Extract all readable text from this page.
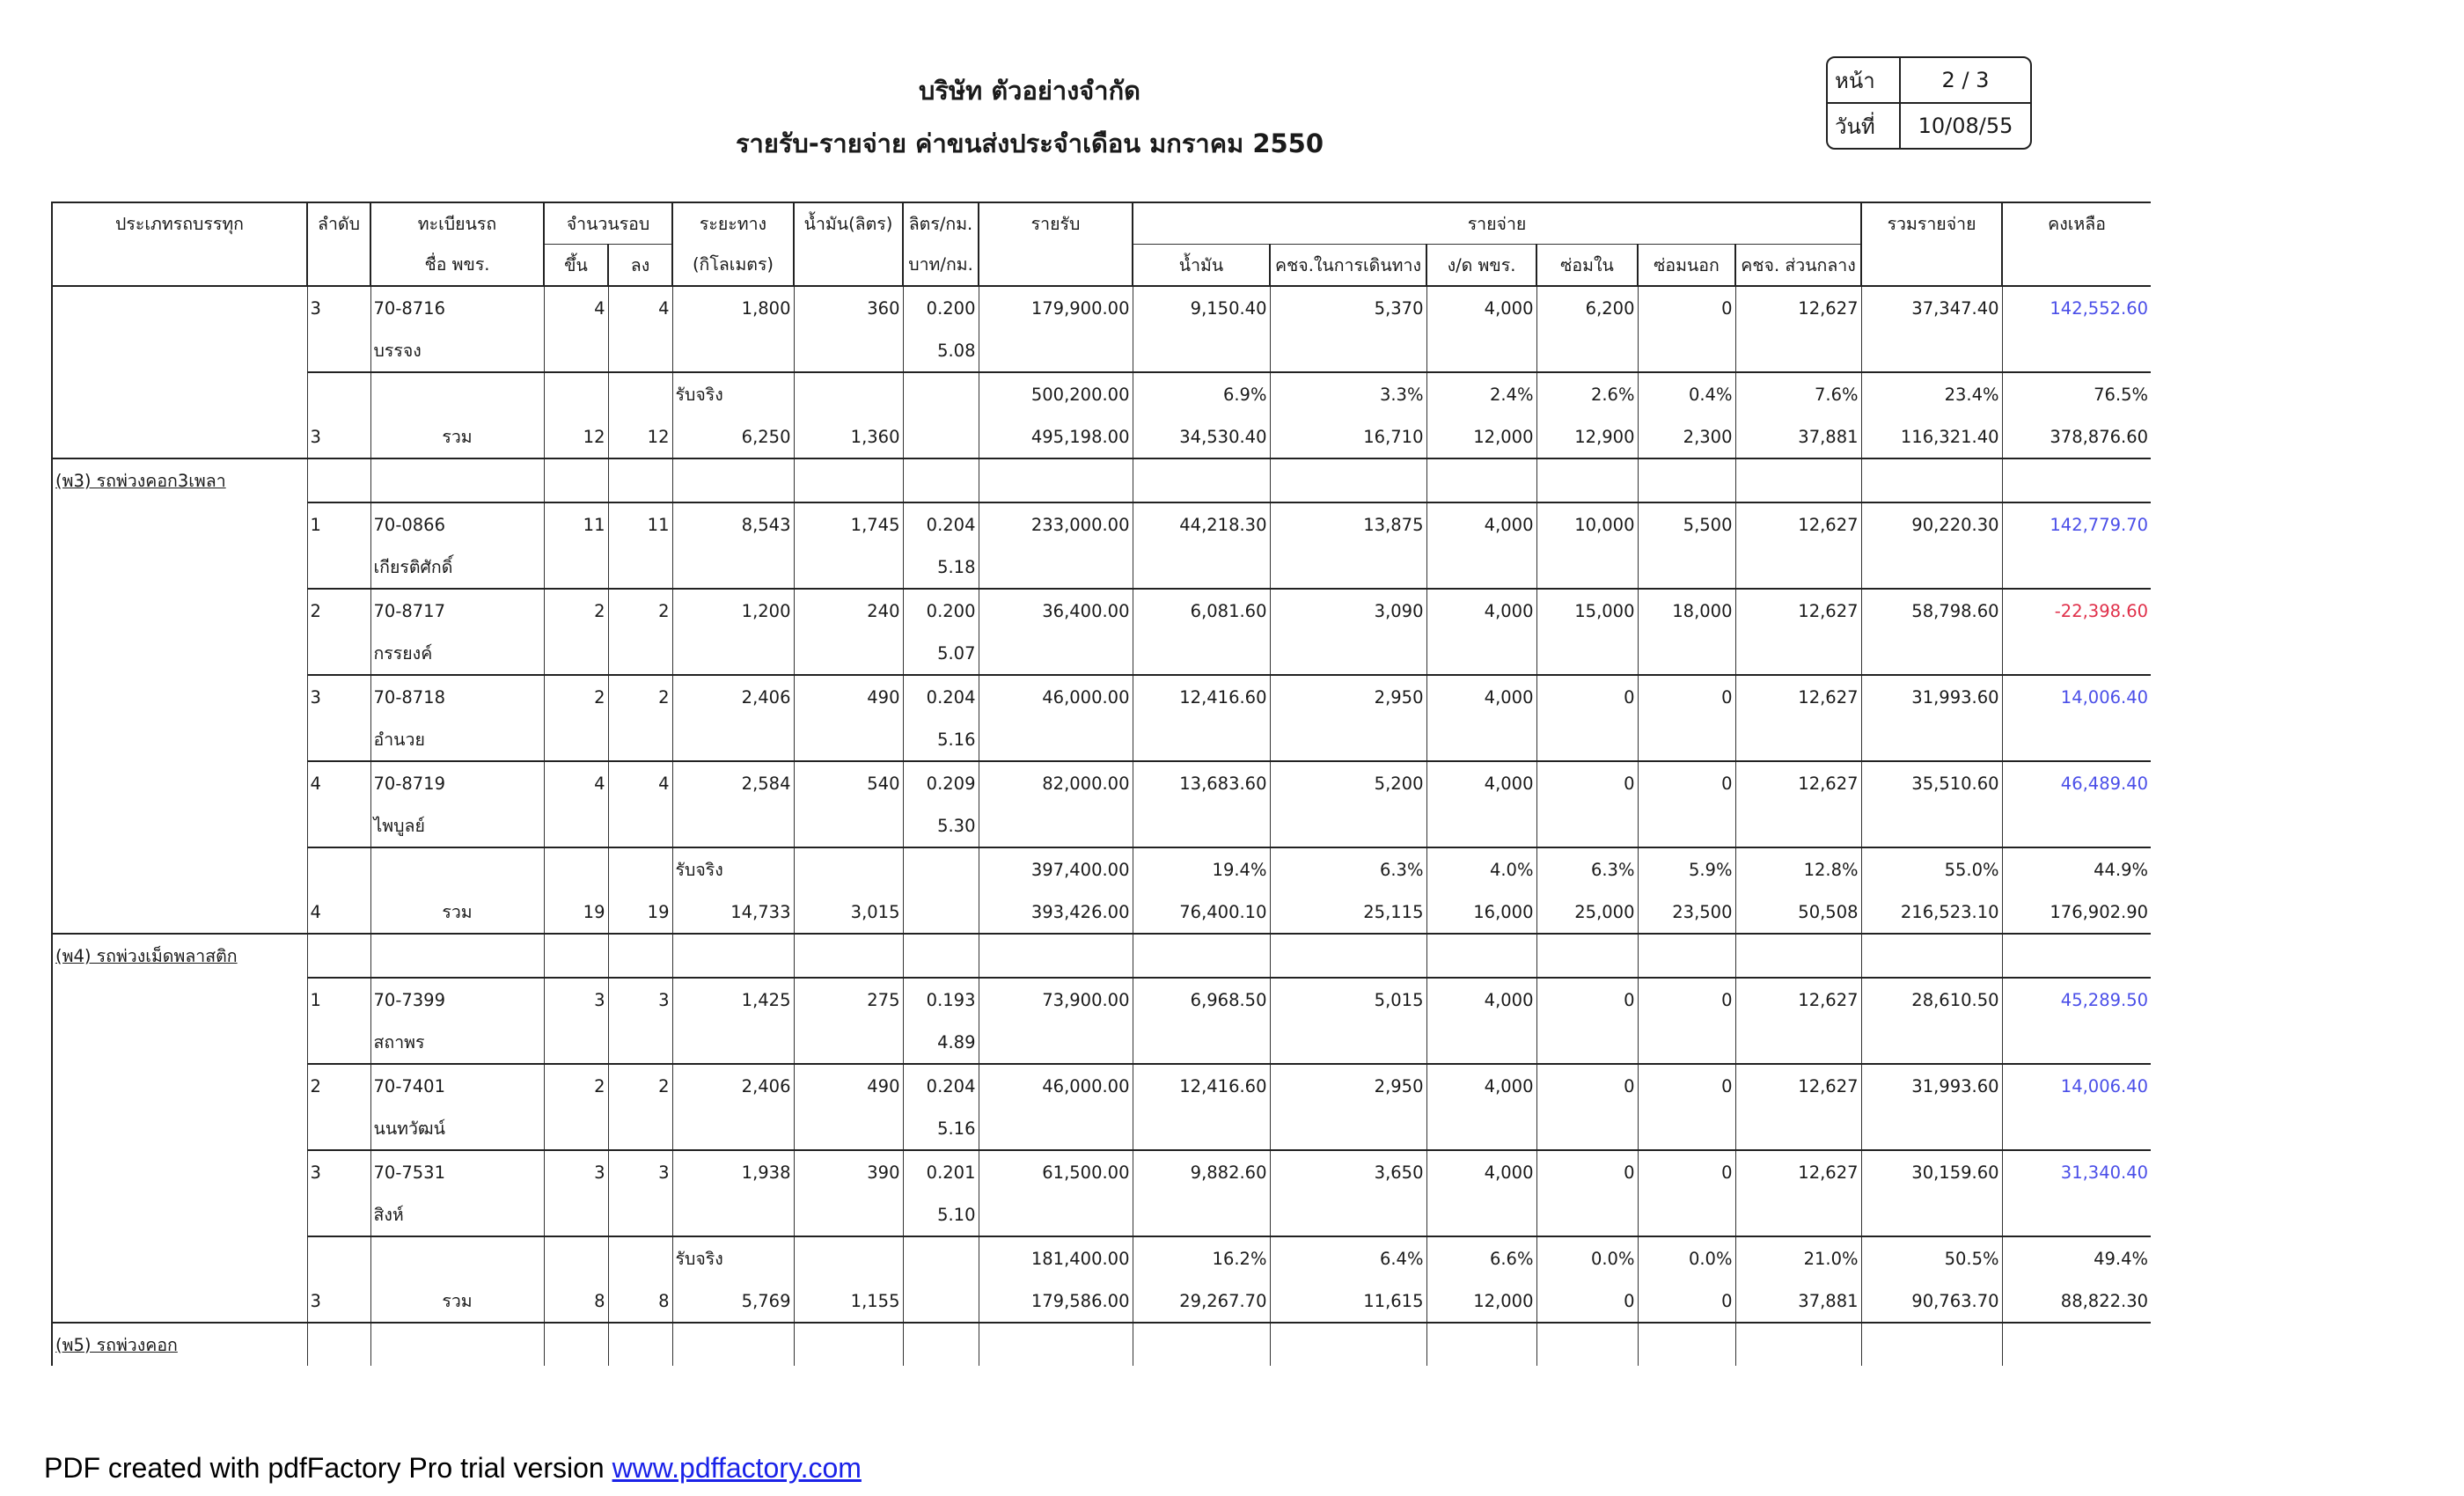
บริษัท ตัวอย่างจำกัด
รายรับ-รายจ่าย ค่าขนส่งประจำเดือน มกราคม 2550
หน้า	2 / 3
วันที่	10/08/55
ประเภทรถบรรทุก	ลำดับ	ทะเบียนรถ	จำนวนรอบ		ระยะทาง	น้ำมัน(ลิตร)	ลิตร/กม.	รายรับ	รายจ่าย						รวมรายจ่าย	คงเหลือ
		ชื่อ พขร.	ขึ้น	ลง	(กิโลเมตร)		บาท/กม.		น้ำมัน	คชจ.ในการเดินทาง	ง/ด พขร.	ซ่อมใน	ซ่อมนอก	คชจ. ส่วนกลาง		
	3	70-8716	4	4	1,800	360	0.200	179,900.00	9,150.40	5,370	4,000	6,200	0	12,627	37,347.40	142,552.60
		บรรจง					5.08									
					รับจริง			500,200.00	6.9%	3.3%	2.4%	2.6%	0.4%	7.6%	23.4%	76.5%
	3	รวม	12	12	6,250	1,360		495,198.00	34,530.40	16,710	12,000	12,900	2,300	37,881	116,321.40	378,876.60
(พ3) รถพ่วงคอก3เพลา																
	1	70-0866	11	11	8,543	1,745	0.204	233,000.00	44,218.30	13,875	4,000	10,000	5,500	12,627	90,220.30	142,779.70
		เกียรติศักดิ์					5.18									
	2	70-8717	2	2	1,200	240	0.200	36,400.00	6,081.60	3,090	4,000	15,000	18,000	12,627	58,798.60	-22,398.60
		กรรยงค์					5.07									
	3	70-8718	2	2	2,406	490	0.204	46,000.00	12,416.60	2,950	4,000	0	0	12,627	31,993.60	14,006.40
		อำนวย					5.16									
	4	70-8719	4	4	2,584	540	0.209	82,000.00	13,683.60	5,200	4,000	0	0	12,627	35,510.60	46,489.40
		ไพบูลย์					5.30									
					รับจริง			397,400.00	19.4%	6.3%	4.0%	6.3%	5.9%	12.8%	55.0%	44.9%
	4	รวม	19	19	14,733	3,015		393,426.00	76,400.10	25,115	16,000	25,000	23,500	50,508	216,523.10	176,902.90
(พ4) รถพ่วงเม็ดพลาสติก																
	1	70-7399	3	3	1,425	275	0.193	73,900.00	6,968.50	5,015	4,000	0	0	12,627	28,610.50	45,289.50
		สถาพร					4.89									
	2	70-7401	2	2	2,406	490	0.204	46,000.00	12,416.60	2,950	4,000	0	0	12,627	31,993.60	14,006.40
		นนทวัฒน์					5.16									
	3	70-7531	3	3	1,938	390	0.201	61,500.00	9,882.60	3,650	4,000	0	0	12,627	30,159.60	31,340.40
		สิงห์					5.10									
					รับจริง			181,400.00	16.2%	6.4%	6.6%	0.0%	0.0%	21.0%	50.5%	49.4%
	3	รวม	8	8	5,769	1,155		179,586.00	29,267.70	11,615	12,000	0	0	37,881	90,763.70	88,822.30
(พ5) รถพ่วงคอก																
PDF created with pdfFactory Pro trial version www.pdffactory.com
